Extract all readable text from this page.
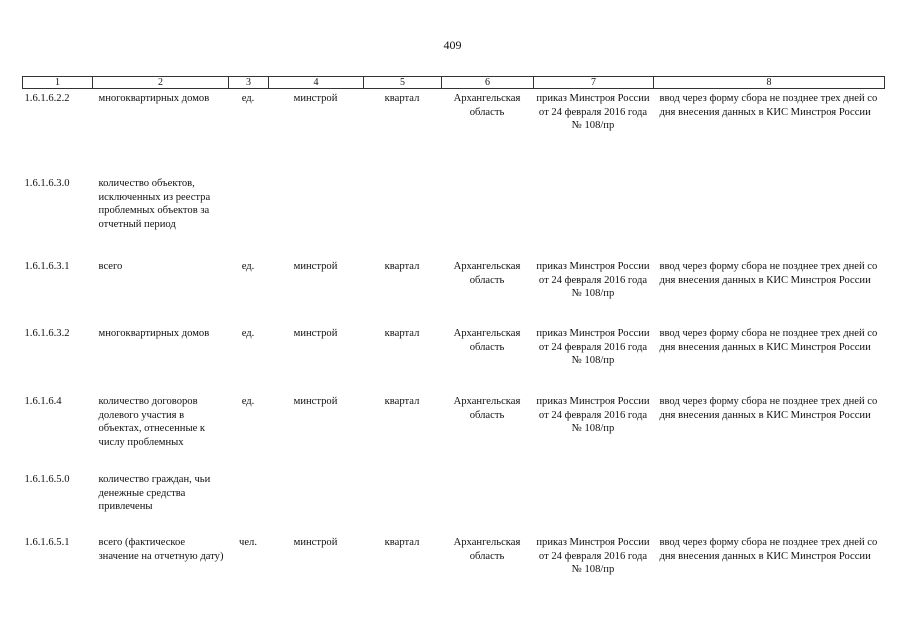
409
1	2	3	4	5	6	7	8
1.6.1.6.2.2	многоквартирных домов	ед.	минстрой	квартал	Архангельская область	приказ Минстроя России от 24 февраля 2016 года № 108/пр	ввод через форму сбора не позднее трех дней со дня внесения данных в КИС Минстроя России
1.6.1.6.3.0	количество объектов, исключенных из реестра проблемных объектов за отчетный период						
1.6.1.6.3.1	всего	ед.	минстрой	квартал	Архангельская область	приказ Минстроя России от 24 февраля 2016 года № 108/пр	ввод через форму сбора не позднее трех дней со дня внесения данных в КИС Минстроя России
1.6.1.6.3.2	многоквартирных домов	ед.	минстрой	квартал	Архангельская область	приказ Минстроя России от 24 февраля 2016 года № 108/пр	ввод через форму сбора не позднее трех дней со дня внесения данных в КИС Минстроя России
1.6.1.6.4	количество договоров долевого участия в объектах, отнесенные к числу проблемных	ед.	минстрой	квартал	Архангельская область	приказ Минстроя России от 24 февраля 2016 года № 108/пр	ввод через форму сбора не позднее трех дней со дня внесения данных в КИС Минстроя России
1.6.1.6.5.0	количество граждан, чьи денежные средства привлечены						
1.6.1.6.5.1	всего (фактическое значение на отчетную дату)	чел.	минстрой	квартал	Архангельская область	приказ Минстроя России от 24 февраля 2016 года № 108/пр	ввод через форму сбора не позднее трех дней со дня внесения данных в КИС Минстроя России
